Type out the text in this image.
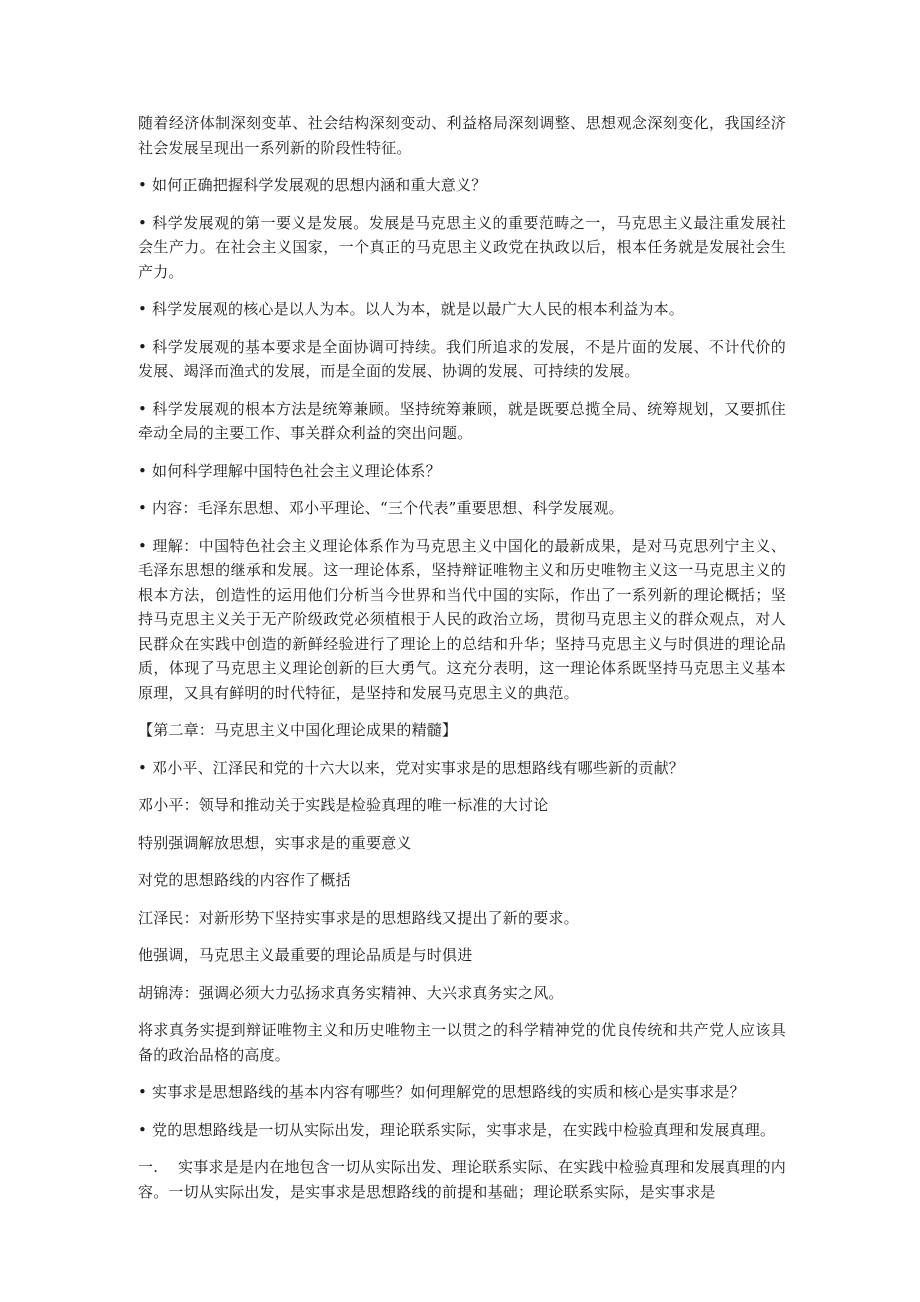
随着经济体制深刻变革、社会结构深刻变动、利益格局深刻调整、思想观念深刻变化，我国经济社会发展呈现出一系列新的阶段性特征。

• 如何正确把握科学发展观的思想内涵和重大意义？

• 科学发展观的第一要义是发展。发展是马克思主义的重要范畴之一，马克思主义最注重发展社会生产力。在社会主义国家，一个真正的马克思主义政党在执政以后，根本任务就是发展社会生产力。

• 科学发展观的核心是以人为本。以人为本，就是以最广大人民的根本利益为本。

• 科学发展观的基本要求是全面协调可持续。我们所追求的发展，不是片面的发展、不计代价的发展、竭泽而渔式的发展，而是全面的发展、协调的发展、可持续的发展。

• 科学发展观的根本方法是统筹兼顾。坚持统筹兼顾，就是既要总揽全局、统筹规划，又要抓住牵动全局的主要工作、事关群众利益的突出问题。

• 如何科学理解中国特色社会主义理论体系？

• 内容：毛泽东思想、邓小平理论、“三个代表”重要思想、科学发展观。

• 理解：中国特色社会主义理论体系作为马克思主义中国化的最新成果，是对马克思列宁主义、毛泽东思想的继承和发展。这一理论体系，坚持辩证唯物主义和历史唯物主义这一马克思主义的根本方法，创造性的运用他们分析当今世界和当代中国的实际，作出了一系列新的理论概括；坚持马克思主义关于无产阶级政党必须植根于人民的政治立场，贯彻马克思主义的群众观点，对人民群众在实践中创造的新鲜经验进行了理论上的总结和升华；坚持马克思主义与时俱进的理论品质，体现了马克思主义理论创新的巨大勇气。这充分表明，这一理论体系既坚持马克思主义基本原理，又具有鲜明的时代特征，是坚持和发展马克思主义的典范。

【第二章：马克思主义中国化理论成果的精髓】

• 邓小平、江泽民和党的十六大以来，党对实事求是的思想路线有哪些新的贡献？

邓小平：领导和推动关于实践是检验真理的唯一标准的大讨论

特别强调解放思想，实事求是的重要意义

对党的思想路线的内容作了概括

江泽民：对新形势下坚持实事求是的思想路线又提出了新的要求。

他强调，马克思主义最重要的理论品质是与时俱进

胡锦涛：强调必须大力弘扬求真务实精神、大兴求真务实之风。

将求真务实提到辩证唯物主义和历史唯物主一以贯之的科学精神党的优良传统和共产党人应该具备的政治品格的高度。

• 实事求是思想路线的基本内容有哪些？如何理解党的思想路线的实质和核心是实事求是？

• 党的思想路线是一切从实际出发，理论联系实际，实事求是，在实践中检验真理和发展真理。

一. 实事求是是内在地包含一切从实际出发、理论联系实际、在实践中检验真理和发展真理的内容。一切从实际出发，是实事求是思想路线的前提和基础；理论联系实际，是实事求是
